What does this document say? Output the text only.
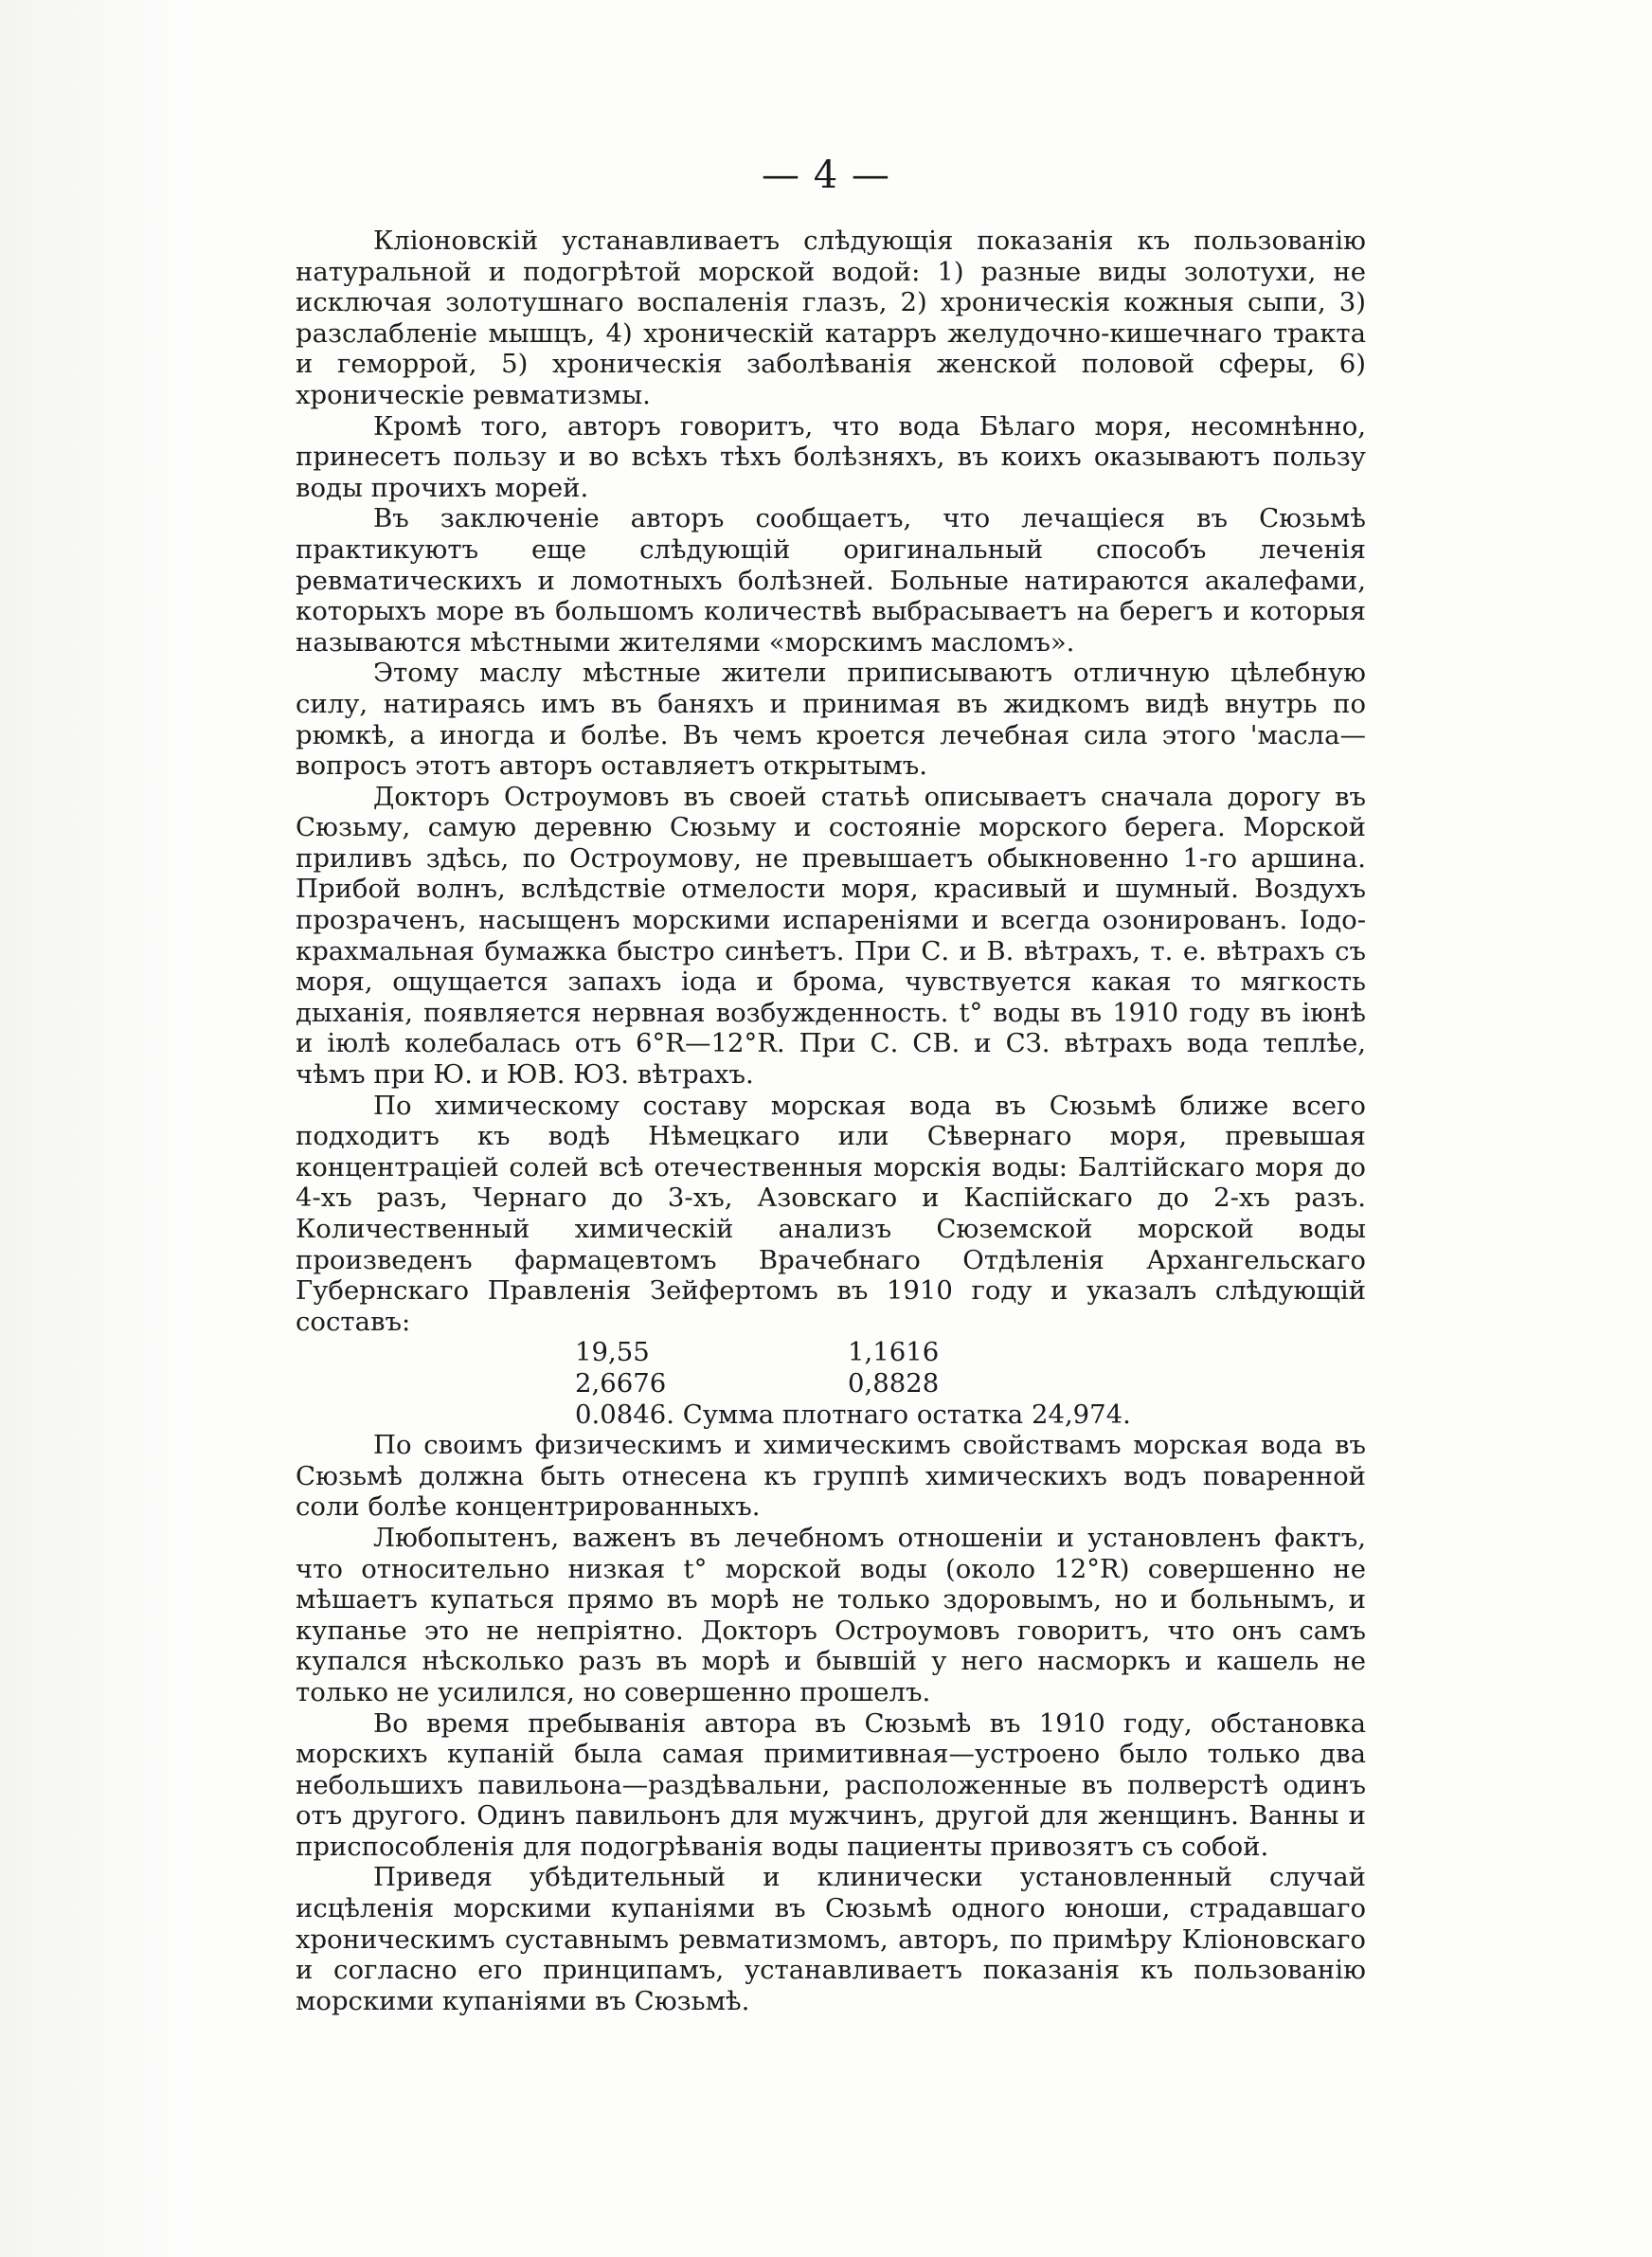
— 4 —

Кліоновскій устанавливаетъ слѣдующія показанія къ пользованію натуральной и подогрѣтой морской водой: 1) разные виды золотухи, не исключая золотушнаго воспаленія глазъ, 2) хроническія кожныя сыпи, 3) разслабленіе мышцъ, 4) хроническій катарръ желудочно-кишечнаго тракта и геморрой, 5) хроническія заболѣванія женской половой сферы, 6) хроническіе ревматизмы.

Кромѣ того, авторъ говоритъ, что вода Бѣлаго моря, несомнѣнно, принесетъ пользу и во всѣхъ тѣхъ болѣзняхъ, въ коихъ оказываютъ пользу воды прочихъ морей.

Въ заключеніе авторъ сообщаетъ, что лечащіеся въ Сюзьмѣ практикуютъ еще слѣдующій оригинальный способъ леченія ревматическихъ и ломотныхъ болѣзней. Больные натираются акалефами, которыхъ море въ большомъ количествѣ выбрасываетъ на берегъ и которыя называются мѣстными жителями «морскимъ масломъ».

Этому маслу мѣстные жители приписываютъ отличную цѣлебную силу, натираясь имъ въ баняхъ и принимая въ жидкомъ видѣ внутрь по рюмкѣ, а иногда и болѣе. Въ чемъ кроется лечебная сила этого 'масла—вопросъ этотъ авторъ оставляетъ открытымъ.

Докторъ Остроумовъ въ своей статьѣ описываетъ сначала дорогу въ Сюзьму, самую деревню Сюзьму и состояніе морского берега. Морской приливъ здѣсь, по Остроумову, не превышаетъ обыкновенно 1-го аршина. Прибой волнъ, вслѣдствіе отмелости моря, красивый и шумный. Воздухъ прозраченъ, насыщенъ морскими испареніями и всегда озонированъ. Іодо-крахмальная бумажка быстро синѣетъ. При С. и В. вѣтрахъ, т. е. вѣтрахъ съ моря, ощущается запахъ іода и брома, чувствуется какая то мягкость дыханія, появляется нервная возбужденность. t° воды въ 1910 году въ іюнѣ и іюлѣ колебалась отъ 6°R—12°R. При С. СВ. и СЗ. вѣтрахъ вода теплѣе, чѣмъ при Ю. и ЮВ. ЮЗ. вѣтрахъ.

По химическому составу морская вода въ Сюзьмѣ ближе всего подходитъ къ водѣ Нѣмецкаго или Сѣвернаго моря, превышая концентраціей солей всѣ отечественныя морскія воды: Балтійскаго моря до 4-хъ разъ, Чернаго до 3-хъ, Азовскаго и Каспійскаго до 2-хъ разъ. Количественный химическій анализъ Сюземской морской воды произведенъ фармацевтомъ Врачебнаго Отдѣленія Архангельскаго Губернскаго Правленія Зейфертомъ въ 1910 году и указалъ слѣдующій составъ:

19,55	1,1616
2,6676	0,8828
0.0846. Сумма плотнаго остатка 24,974.

По своимъ физическимъ и химическимъ свойствамъ морская вода въ Сюзьмѣ должна быть отнесена къ группѣ химическихъ водъ поваренной соли болѣе концентрированныхъ.

Любопытенъ, важенъ въ лечебномъ отношеніи и установленъ фактъ, что относительно низкая t° морской воды (около 12°R) совершенно не мѣшаетъ купаться прямо въ морѣ не только здоровымъ, но и больнымъ, и купанье это не непріятно. Докторъ Остроумовъ говоритъ, что онъ самъ купался нѣсколько разъ въ морѣ и бывшій у него насморкъ и кашель не только не усилился, но совершенно прошелъ.

Во время пребыванія автора въ Сюзьмѣ въ 1910 году, обстановка морскихъ купаній была самая примитивная—устроено было только два небольшихъ павильона—раздѣвальни, расположенные въ полверстѣ одинъ отъ другого. Одинъ павильонъ для мужчинъ, другой для женщинъ. Ванны и приспособленія для подогрѣванія воды пациенты привозятъ съ собой.

Приведя убѣдительный и клинически установленный случай исцѣленія морскими купаніями въ Сюзьмѣ одного юноши, страдавшаго хроническимъ суставнымъ ревматизмомъ, авторъ, по примѣру Кліоновскаго и согласно его принципамъ, устанавливаетъ показанія къ пользованію морскими купаніями въ Сюзьмѣ.
